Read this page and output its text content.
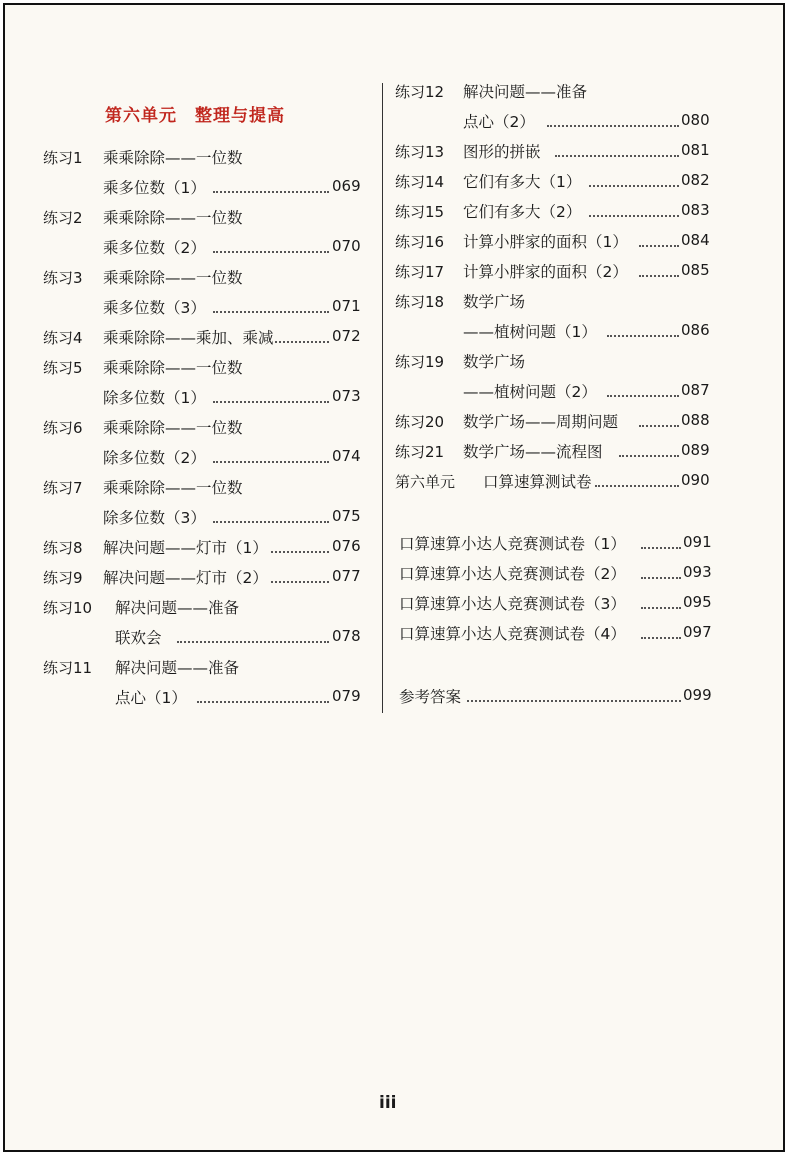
第六单元 整理与提高
练习1 乘乘除除——一位数
乘多位数（1）	069
练习2 乘乘除除——一位数
乘多位数（2）	070
练习3 乘乘除除——一位数
乘多位数（3）	071
练习4 乘乘除除——乘加、乘减	072
练习5 乘乘除除——一位数
除多位数（1）	073
练习6 乘乘除除——一位数
除多位数（2）	074
练习7 乘乘除除——一位数
除多位数（3）	075
练习8 解决问题——灯市（1）	076
练习9 解决问题——灯市（2）	077
练习10 解决问题——准备
联欢会	078
练习11 解决问题——准备
点心（1）	079
练习12 解决问题——准备
点心（2）	080
练习13 图形的拼嵌	081
练习14 它们有多大（1）	082
练习15 它们有多大（2）	083
练习16 计算小胖家的面积（1）	084
练习17 计算小胖家的面积（2）	085
练习18 数学广场
——植树问题（1）	086
练习19 数学广场
——植树问题（2）	087
练习20 数学广场——周期问题	088
练习21 数学广场——流程图	089
第六单元 口算速算测试卷	090
口算速算小达人竞赛测试卷（1）	091
口算速算小达人竞赛测试卷（2）	093
口算速算小达人竞赛测试卷（3）	095
口算速算小达人竞赛测试卷（4）	097
参考答案	099
iii
